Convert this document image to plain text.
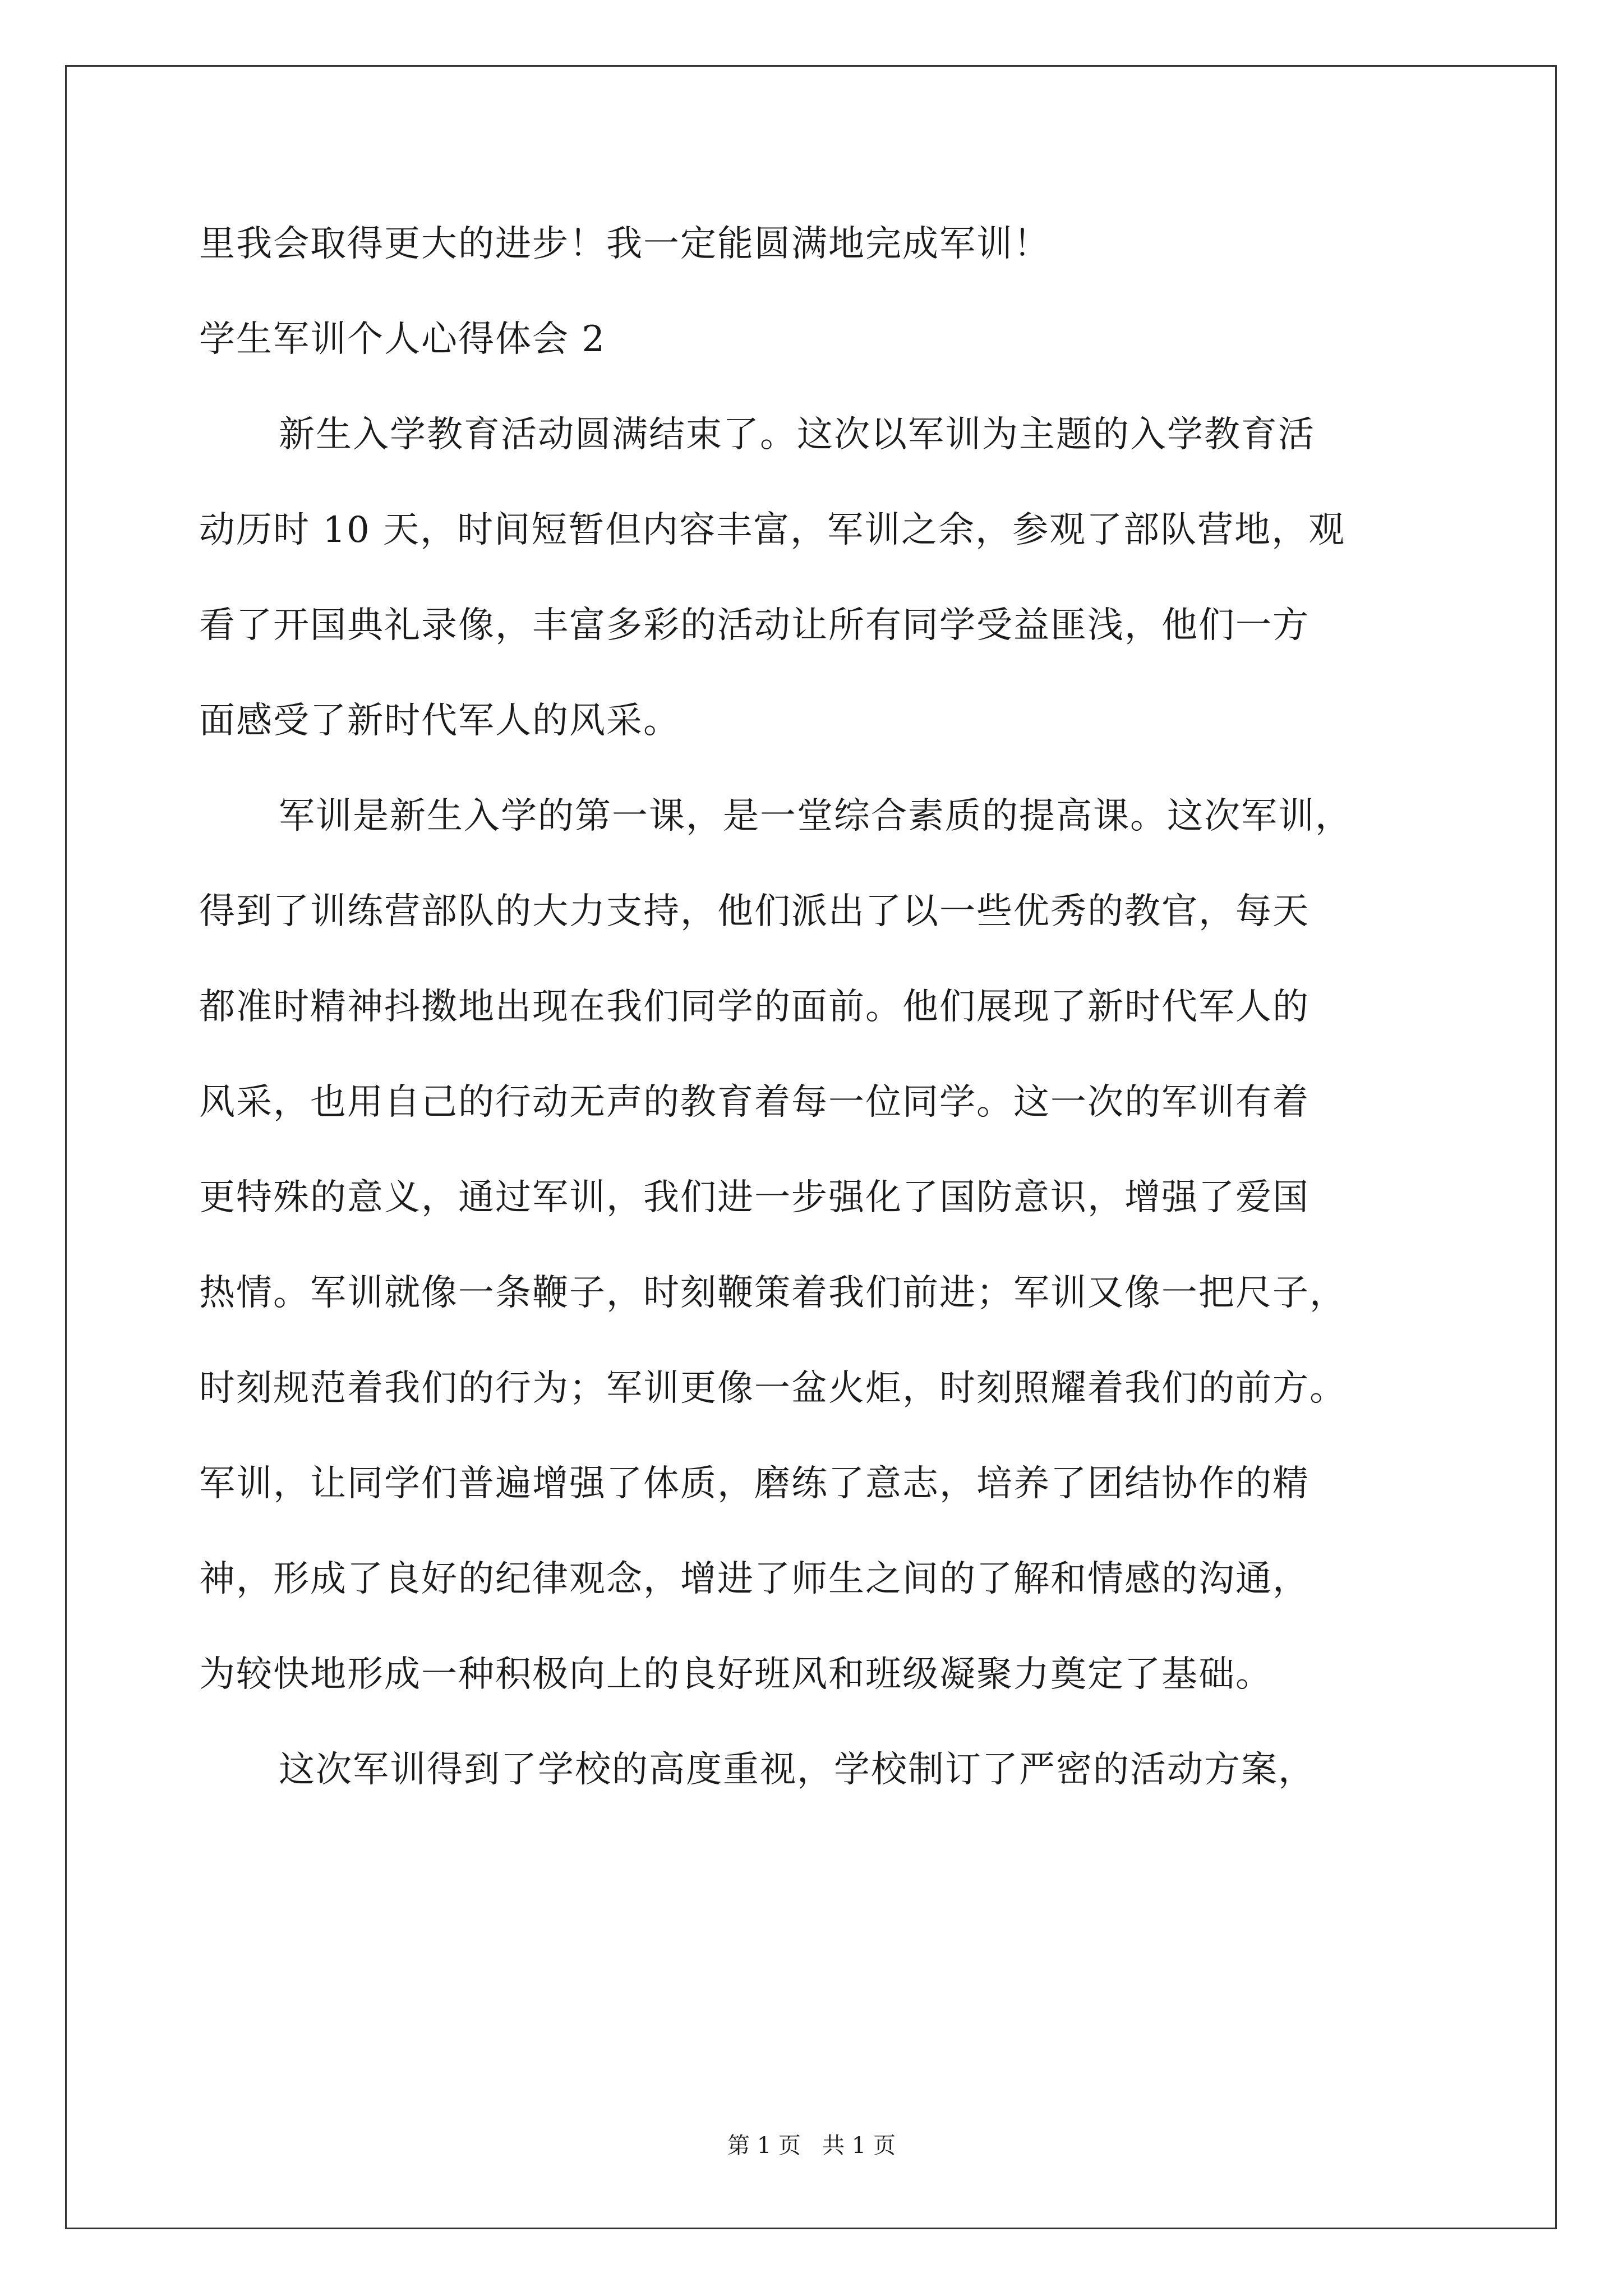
里我会取得更大的进步！我一定能圆满地完成军训！
学生军训个人心得体会 2
新生入学教育活动圆满结束了。这次以军训为主题的入学教育活
动历时 10 天，时间短暂但内容丰富，军训之余，参观了部队营地，观
看了开国典礼录像，丰富多彩的活动让所有同学受益匪浅，他们一方
面感受了新时代军人的风采。
军训是新生入学的第一课，是一堂综合素质的提高课。这次军训，
得到了训练营部队的大力支持，他们派出了以一些优秀的教官，每天
都准时精神抖擞地出现在我们同学的面前。他们展现了新时代军人的
风采，也用自己的行动无声的教育着每一位同学。这一次的军训有着
更特殊的意义，通过军训，我们进一步强化了国防意识，增强了爱国
热情。军训就像一条鞭子，时刻鞭策着我们前进；军训又像一把尺子，
时刻规范着我们的行为；军训更像一盆火炬，时刻照耀着我们的前方。
军训，让同学们普遍增强了体质，磨练了意志，培养了团结协作的精
神，形成了良好的纪律观念，增进了师生之间的了解和情感的沟通，
为较快地形成一种积极向上的良好班风和班级凝聚力奠定了基础。
这次军训得到了学校的高度重视，学校制订了严密的活动方案，
第 1 页   共 1 页
